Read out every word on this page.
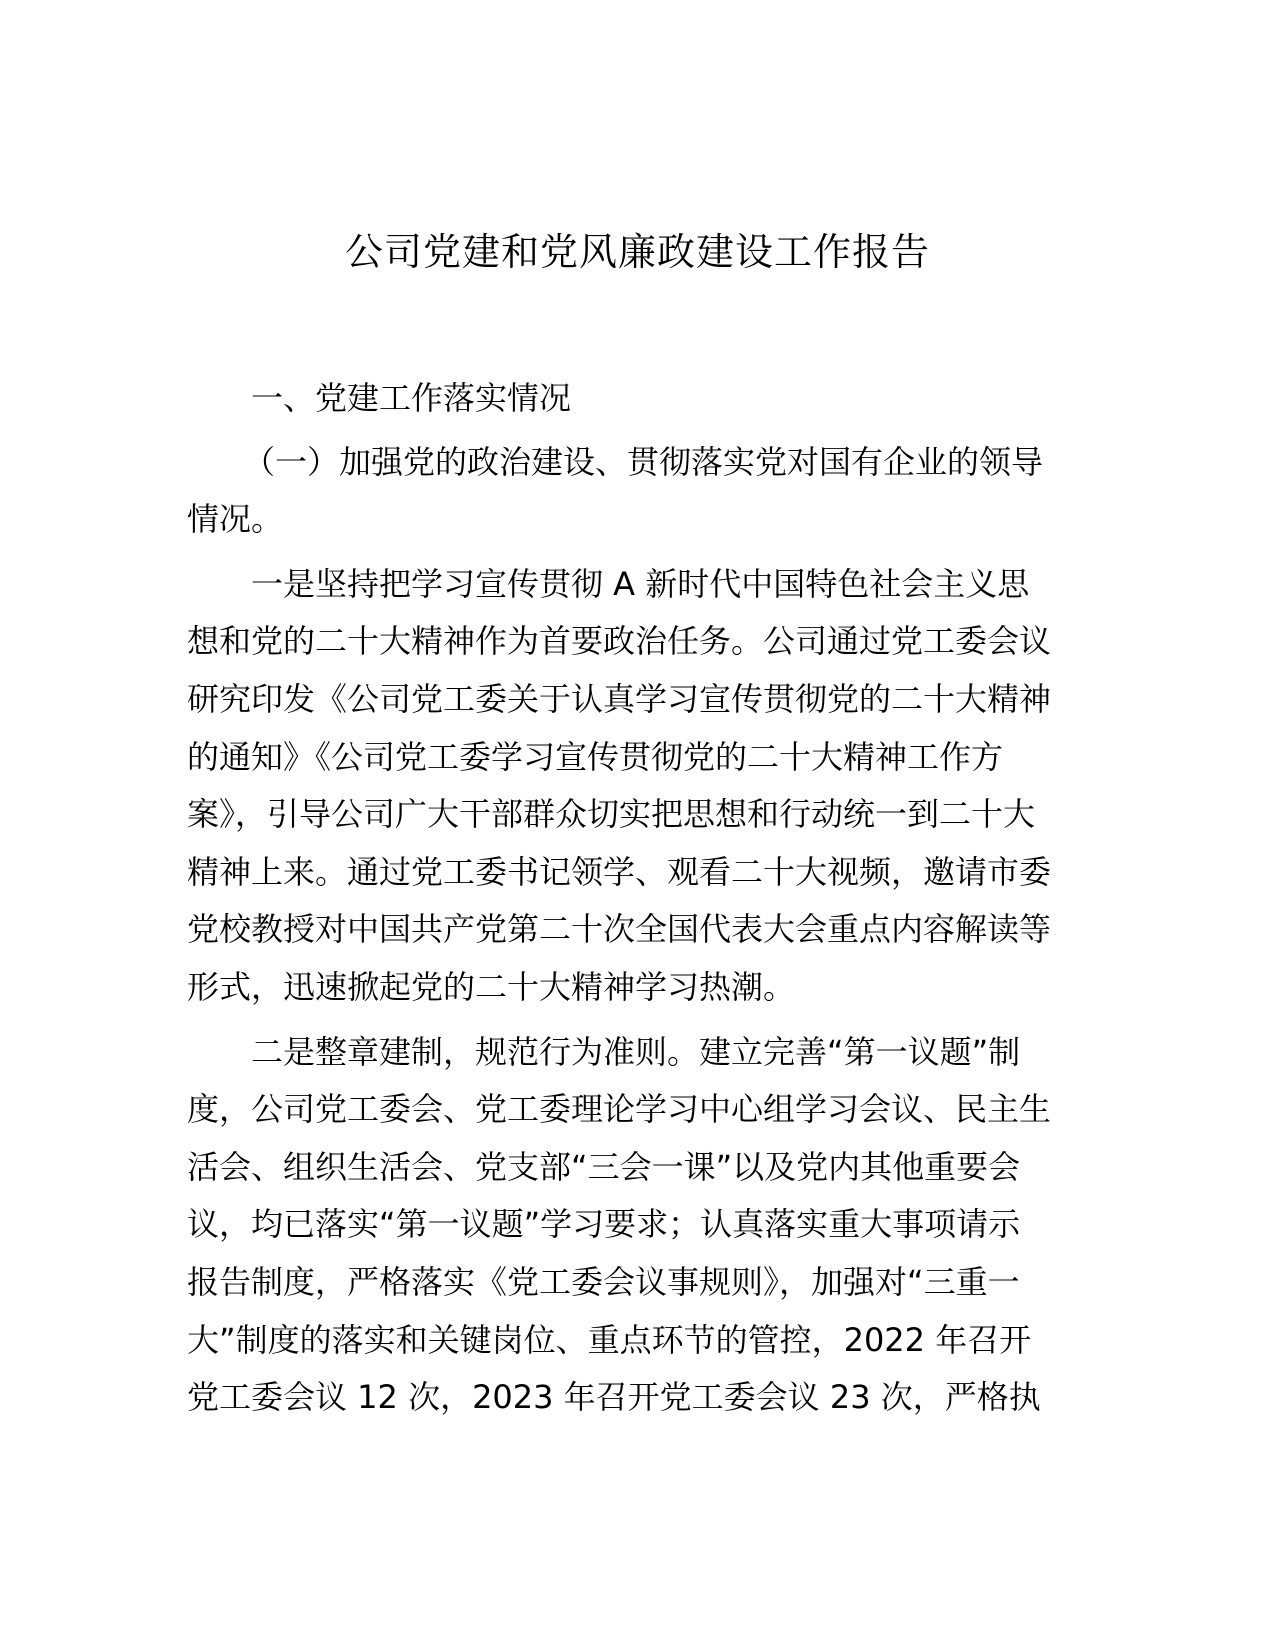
公司党建和党风廉政建设工作报告
一、党建工作落实情况
（一）加强党的政治建设、贯彻落实党对国有企业的领导
情况。
一是坚持把学习宣传贯彻 A 新时代中国特色社会主义思
想和党的二十大精神作为首要政治任务。公司通过党工委会议
研究印发《公司党工委关于认真学习宣传贯彻党的二十大精神
的通知》《公司党工委学习宣传贯彻党的二十大精神工作方
案》，引导公司广大干部群众切实把思想和行动统一到二十大
精神上来。通过党工委书记领学、观看二十大视频，邀请市委
党校教授对中国共产党第二十次全国代表大会重点内容解读等
形式，迅速掀起党的二十大精神学习热潮。
二是整章建制，规范行为准则。建立完善“第一议题”制
度，公司党工委会、党工委理论学习中心组学习会议、民主生
活会、组织生活会、党支部“三会一课”以及党内其他重要会
议，均已落实“第一议题”学习要求；认真落实重大事项请示
报告制度，严格落实《党工委会议事规则》，加强对“三重一
大”制度的落实和关键岗位、重点环节的管控，2022 年召开
党工委会议 12 次，2023 年召开党工委会议 23 次，严格执
